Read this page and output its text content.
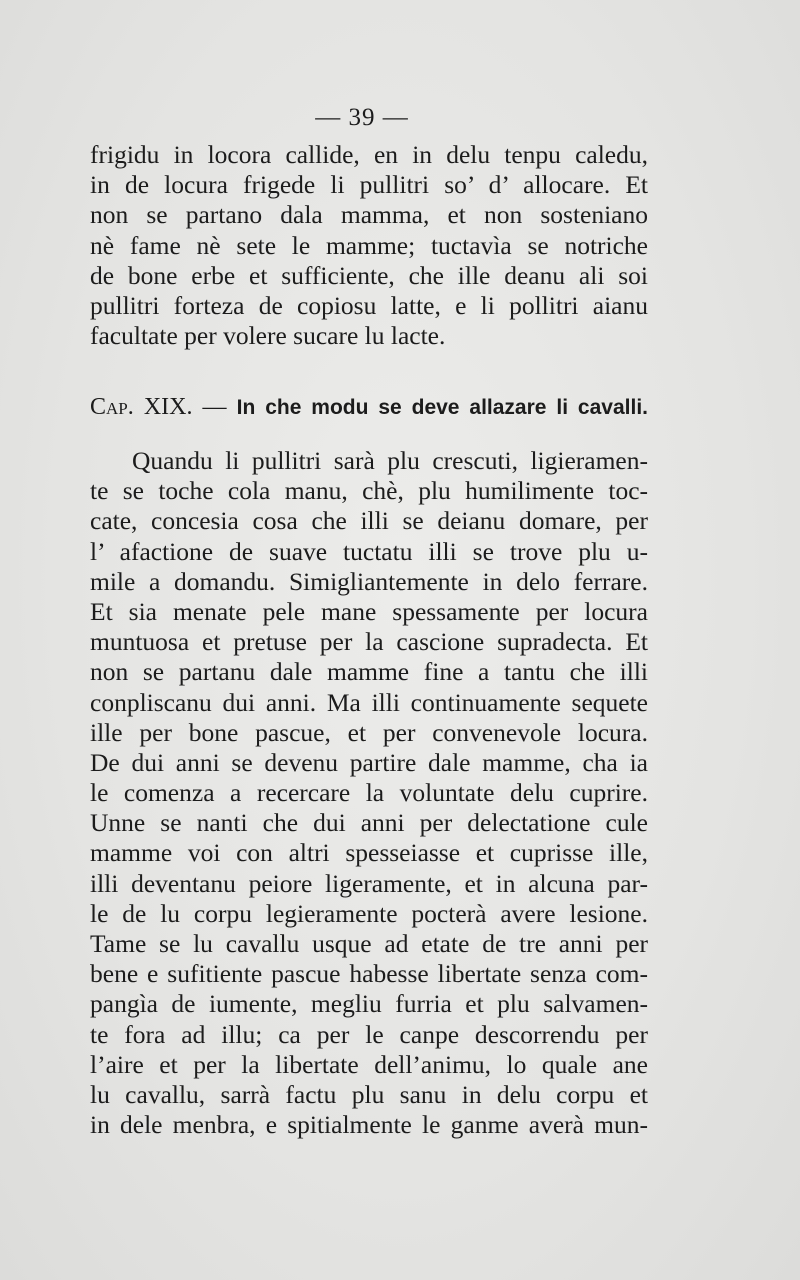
— 39 —
frigidu in locora callide, en in delu tenpu caledu,
in de locura frigede li pullitri so’ d’ allocare. Et
non se partano dala mamma, et non sosteniano
nè fame nè sete le mamme; tuctavìa se notriche
de bone erbe et sufficiente, che ille deanu ali soi
pullitri forteza de copiosu latte, e li pollitri aianu
facultate per volere sucare lu lacte.
Cap. XIX. — In che modu se deve allazare li cavalli.
Quandu li pullitri sarà plu crescuti, ligieramen-
te se toche cola manu, chè, plu humilimente toc-
cate, concesia cosa che illi se deianu domare, per
l’ afactione de suave tuctatu illi se trove plu u-
mile a domandu. Simigliantemente in delo ferrare.
Et sia menate pele mane spessamente per locura
muntuosa et pretuse per la cascione supradecta. Et
non se partanu dale mamme fine a tantu che illi
conpliscanu dui anni. Ma illi continuamente sequete
ille per bone pascue, et per convenevole locura.
De dui anni se devenu partire dale mamme, cha ia
le comenza a recercare la voluntate delu cuprire.
Unne se nanti che dui anni per delectatione cule
mamme voi con altri spesseiasse et cuprisse ille,
illi deventanu peiore ligeramente, et in alcuna par-
le de lu corpu legieramente pocterà avere lesione.
Tame se lu cavallu usque ad etate de tre anni per
bene e sufitiente pascue habesse libertate senza com-
pangìa de iumente, megliu furria et plu salvamen-
te fora ad illu; ca per le canpe descorrendu per
l’aire et per la libertate dell’animu, lo quale ane
lu cavallu, sarrà factu plu sanu in delu corpu et
in dele menbra, e spitialmente le ganme averà mun-
